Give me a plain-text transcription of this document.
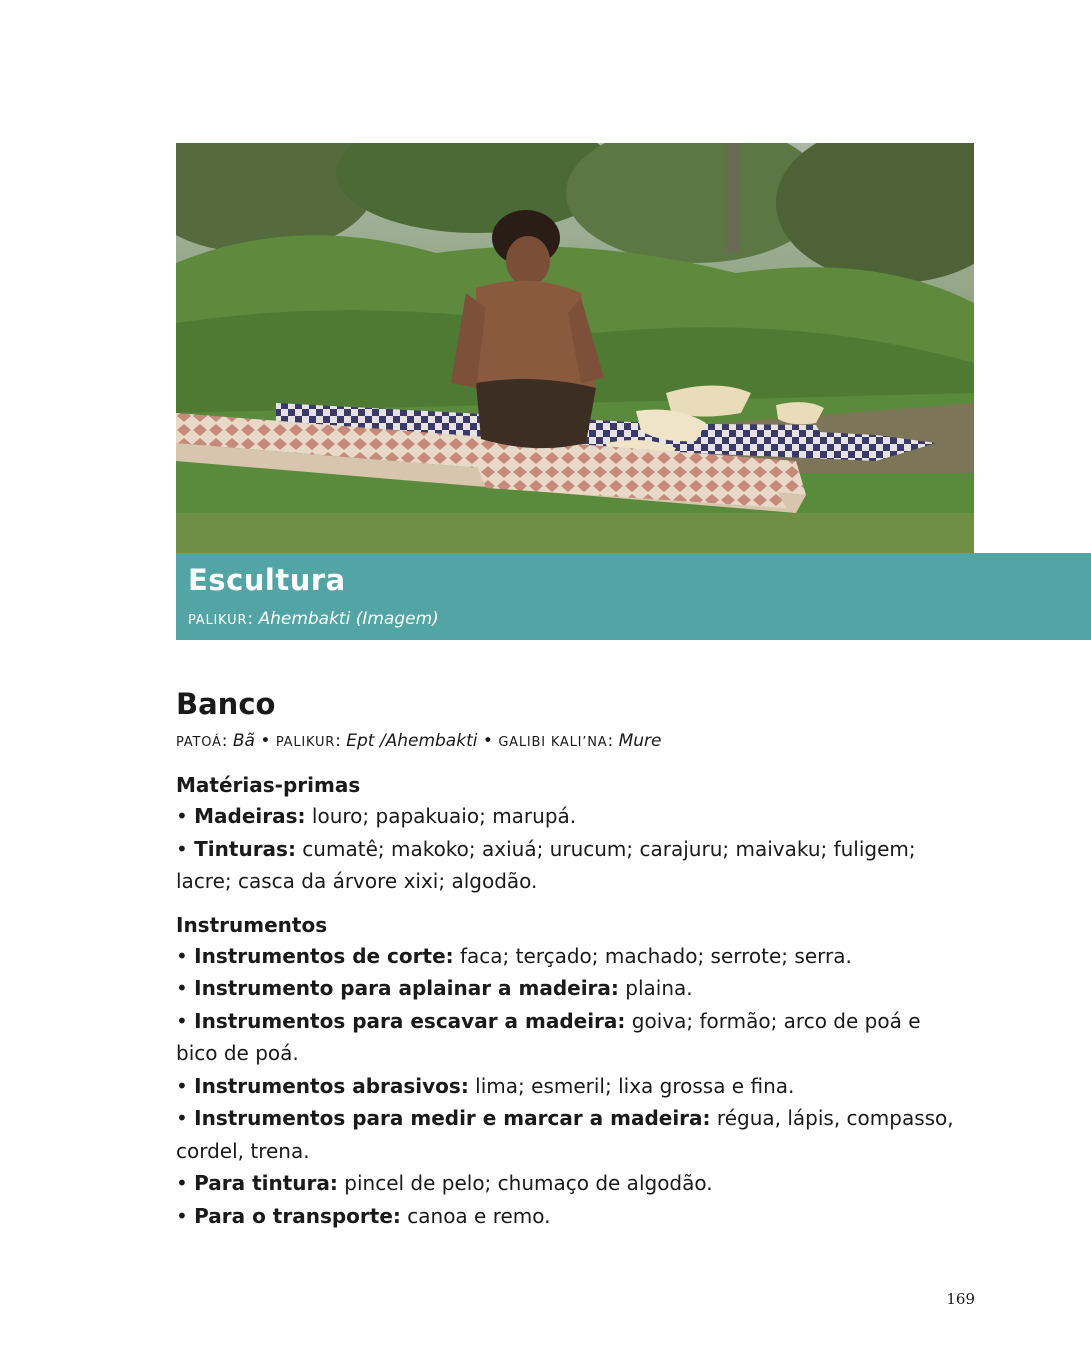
Escultura
PALIKUR: Ahembakti (Imagem)
Banco
PATOÁ: Bã • PALIKUR: Ept /Ahembakti • GALIBI KALI’NA: Mure
Matérias-primas
• Madeiras: louro; papakuaio; marupá.
• Tinturas: cumatê; makoko; axiuá; urucum; carajuru; maivaku; fuligem; lacre; casca da árvore xixi; algodão.
Instrumentos
• Instrumentos de corte: faca; terçado; machado; serrote; serra.
• Instrumento para aplainar a madeira: plaina.
• Instrumentos para escavar a madeira: goiva; formão; arco de poá e bico de poá.
• Instrumentos abrasivos: lima; esmeril; lixa grossa e fina.
• Instrumentos para medir e marcar a madeira: régua, lápis, compasso, cordel, trena.
• Para tintura: pincel de pelo; chumaço de algodão.
• Para o transporte: canoa e remo.
169
